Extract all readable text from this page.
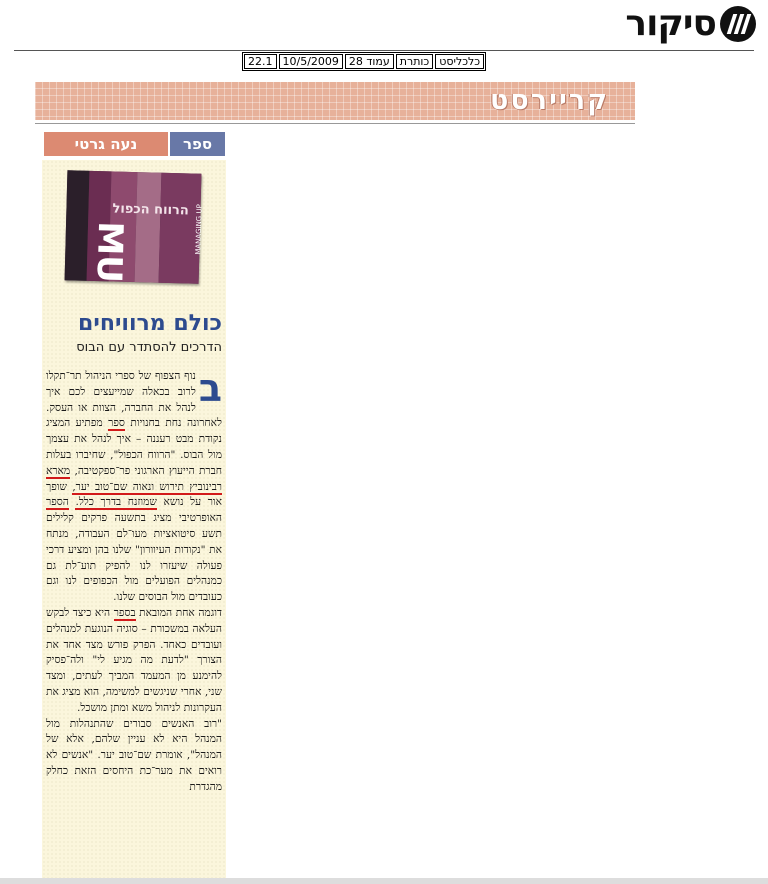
סיקור
22.1 10/5/2009 עמוד 28 כותרת כלכליסט
קריירסט
נעה גרטי	ספר
הרווח הכפול
MU	MANAGING UP
כולם מרוויחים
הדרכים להסתדר עם הבוס

ב
נוף הצפוף של ספרי הניהול תר־תקלו לרוב בכאלה שמייעצים לכם איך לנהל את החברה, הצוות או העסק. לאחרונה נחת בחנויות ספר מפתיע המציג נקודת מבט רעננה – איך לנהל את עצמך מול הבוס. "הרווח הכפול", שחיברו בעלות חברת הייעוץ הארגוני פר־ספקטיבה, מארא רבינוביץ תירוש ונאוה שם־טוב יער, שופך אור על נושא שמוזנח בדרך כלל. הספר האופרטיבי מציג בתשעה פרקים קלילים תשע סיטואציות מעו־לם העבודה, מנתח את "נקודות העיוורון" שלנו בהן ומציע דרכי פעולה שיעזרו לנו להפיק תוע־לת גם כמנהלים הפועלים מול הכפופים לנו וגם כעובדים מול הבוסים שלנו.

דוגמה אחת המובאת בספר היא כיצד לבקש העלאה במשכורת – סוגיה הנוגעת למנהלים ועובדים כאחד. הפרק פורש מצד אחד את הצורך "לדעת מה מגיע לי" ולה־פסיק להימנע מן המעמד המביך לעתים, ומצד שני, אחרי שניגשים למשימה, הוא מציג את העקרונות לניהול משא ומתן מושכל.

"רוב האנשים סבורים שהתנהלות מול המנהל היא לא עניין שלהם, אלא של המנהל", אומרת שם־טוב יער. "אנשים לא רואים את מער־כת היחסים הזאת כחלק מהגדרת
